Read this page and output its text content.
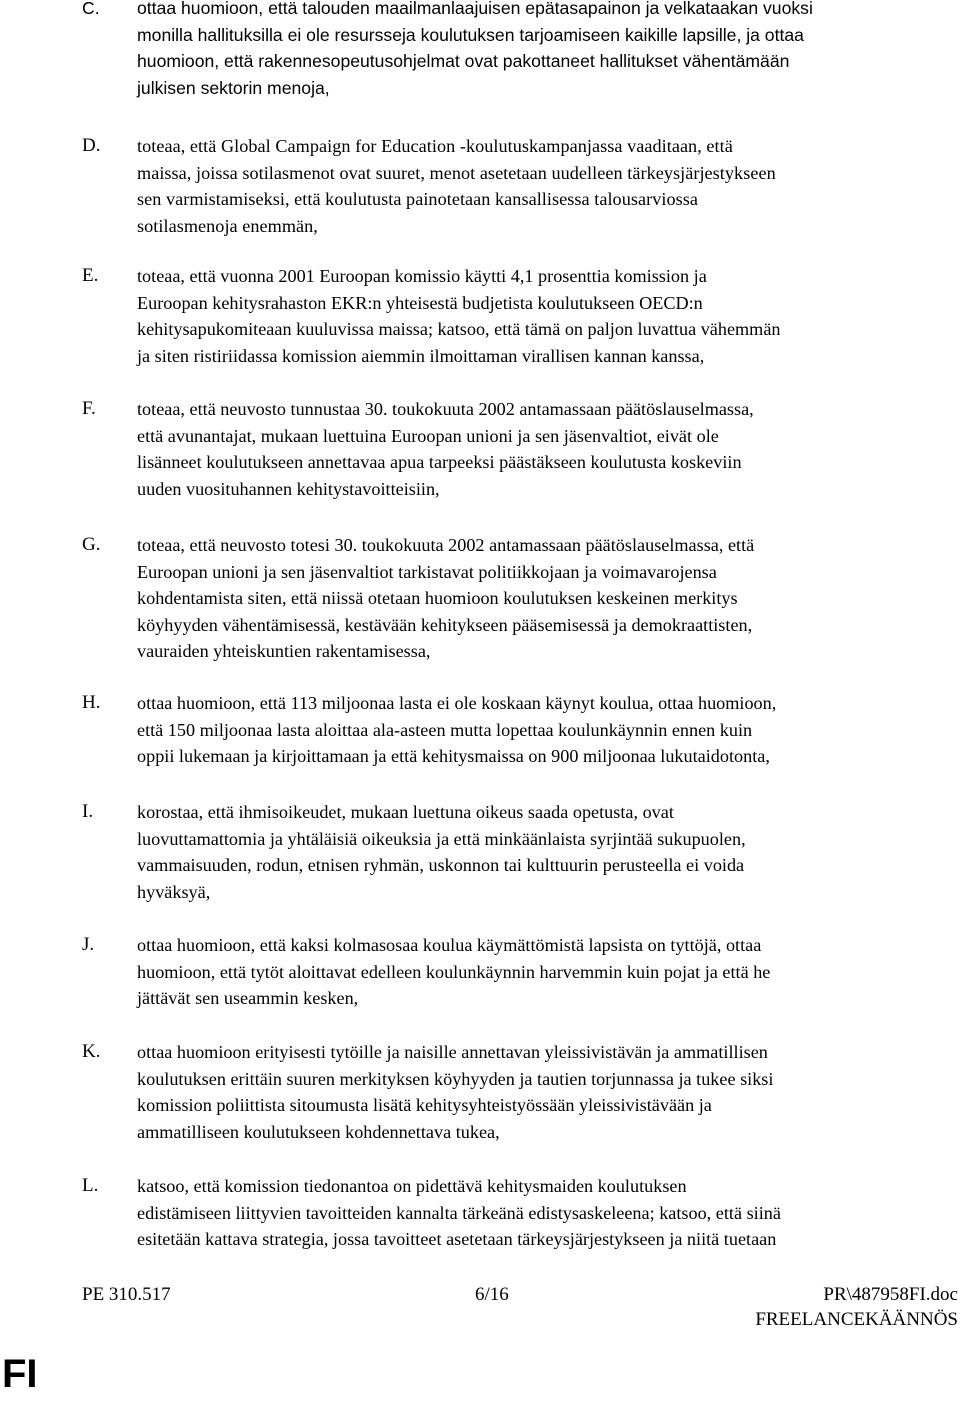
C. ottaa huomioon, että talouden maailmanlaajuisen epätasapainon ja velkataakan vuoksi
monilla hallituksilla ei ole resursseja koulutuksen tarjoamiseen kaikille lapsille, ja ottaa
huomioon, että rakennesopeutusohjelmat ovat pakottaneet hallitukset vähentämään
julkisen sektorin menoja,
D. toteaa, että Global Campaign for Education -koulutuskampanjassa vaaditaan, että
maissa, joissa sotilasmenot ovat suuret, menot asetetaan uudelleen tärkeysjärjestykseen
sen varmistamiseksi, että koulutusta painotetaan kansallisessa talousarviossa
sotilasmenoja enemmän,
E. toteaa, että vuonna 2001 Euroopan komissio käytti 4,1 prosenttia komission ja
Euroopan kehitysrahaston EKR:n yhteisestä budjetista koulutukseen OECD:n
kehitysapukomiteaan kuuluvissa maissa; katsoo, että tämä on paljon luvattua vähemmän
ja siten ristiriidassa komission aiemmin ilmoittaman virallisen kannan kanssa,
F. toteaa, että neuvosto tunnustaa 30. toukokuuta 2002 antamassaan päätöslauselmassa,
että avunantajat, mukaan luettuina Euroopan unioni ja sen jäsenvaltiot, eivät ole
lisänneet koulutukseen annettavaa apua tarpeeksi päästäkseen koulutusta koskeviin
uuden vuosituhannen kehitystavoitteisiin,
G. toteaa, että neuvosto totesi 30. toukokuuta 2002 antamassaan päätöslauselmassa, että
Euroopan unioni ja sen jäsenvaltiot tarkistavat politiikkojaan ja voimavarojensa
kohdentamista siten, että niissä otetaan huomioon koulutuksen keskeinen merkitys
köyhyyden vähentämisessä, kestävään kehitykseen pääsemisessä ja demokraattisten,
vauraiden yhteiskuntien rakentamisessa,
H. ottaa huomioon, että 113 miljoonaa lasta ei ole koskaan käynyt koulua, ottaa huomioon,
että 150 miljoonaa lasta aloittaa ala-asteen mutta lopettaa koulunkäynnin ennen kuin
oppii lukemaan ja kirjoittamaan ja että kehitysmaissa on 900 miljoonaa lukutaidotonta,
I. korostaa, että ihmisoikeudet, mukaan luettuna oikeus saada opetusta, ovat
luovuttamattomia ja yhtäläisiä oikeuksia ja että minkäänlaista syrjintää sukupuolen,
vammaisuuden, rodun, etnisen ryhmän, uskonnon tai kulttuurin perusteella ei voida
hyväksyä,
J. ottaa huomioon, että kaksi kolmasosaa koulua käymättömistä lapsista on tyttöjä, ottaa
huomioon, että tytöt aloittavat edelleen koulunkäynnin harvemmin kuin pojat ja että he
jättävät sen useammin kesken,
K. ottaa huomioon erityisesti tytöille ja naisille annettavan yleissivistävän ja ammatillisen
koulutuksen erittäin suuren merkityksen köyhyyden ja tautien torjunnassa ja tukee siksi
komission poliittista sitoumusta lisätä kehitysyhteistyössään yleissivistävään ja
ammatilliseen koulutukseen kohdennettava tukea,
L. katsoo, että komission tiedonantoa on pidettävä kehitysmaiden koulutuksen
edistämiseen liittyvien tavoitteiden kannalta tärkeänä edistysaskeleena; katsoo, että siinä
esitetään kattava strategia, jossa tavoitteet asetetaan tärkeysjärjestykseen ja niitä tuetaan
PE 310.517	6/16	PR\487958FI.doc
FREELANCEKÄÄNNÖS
FI
